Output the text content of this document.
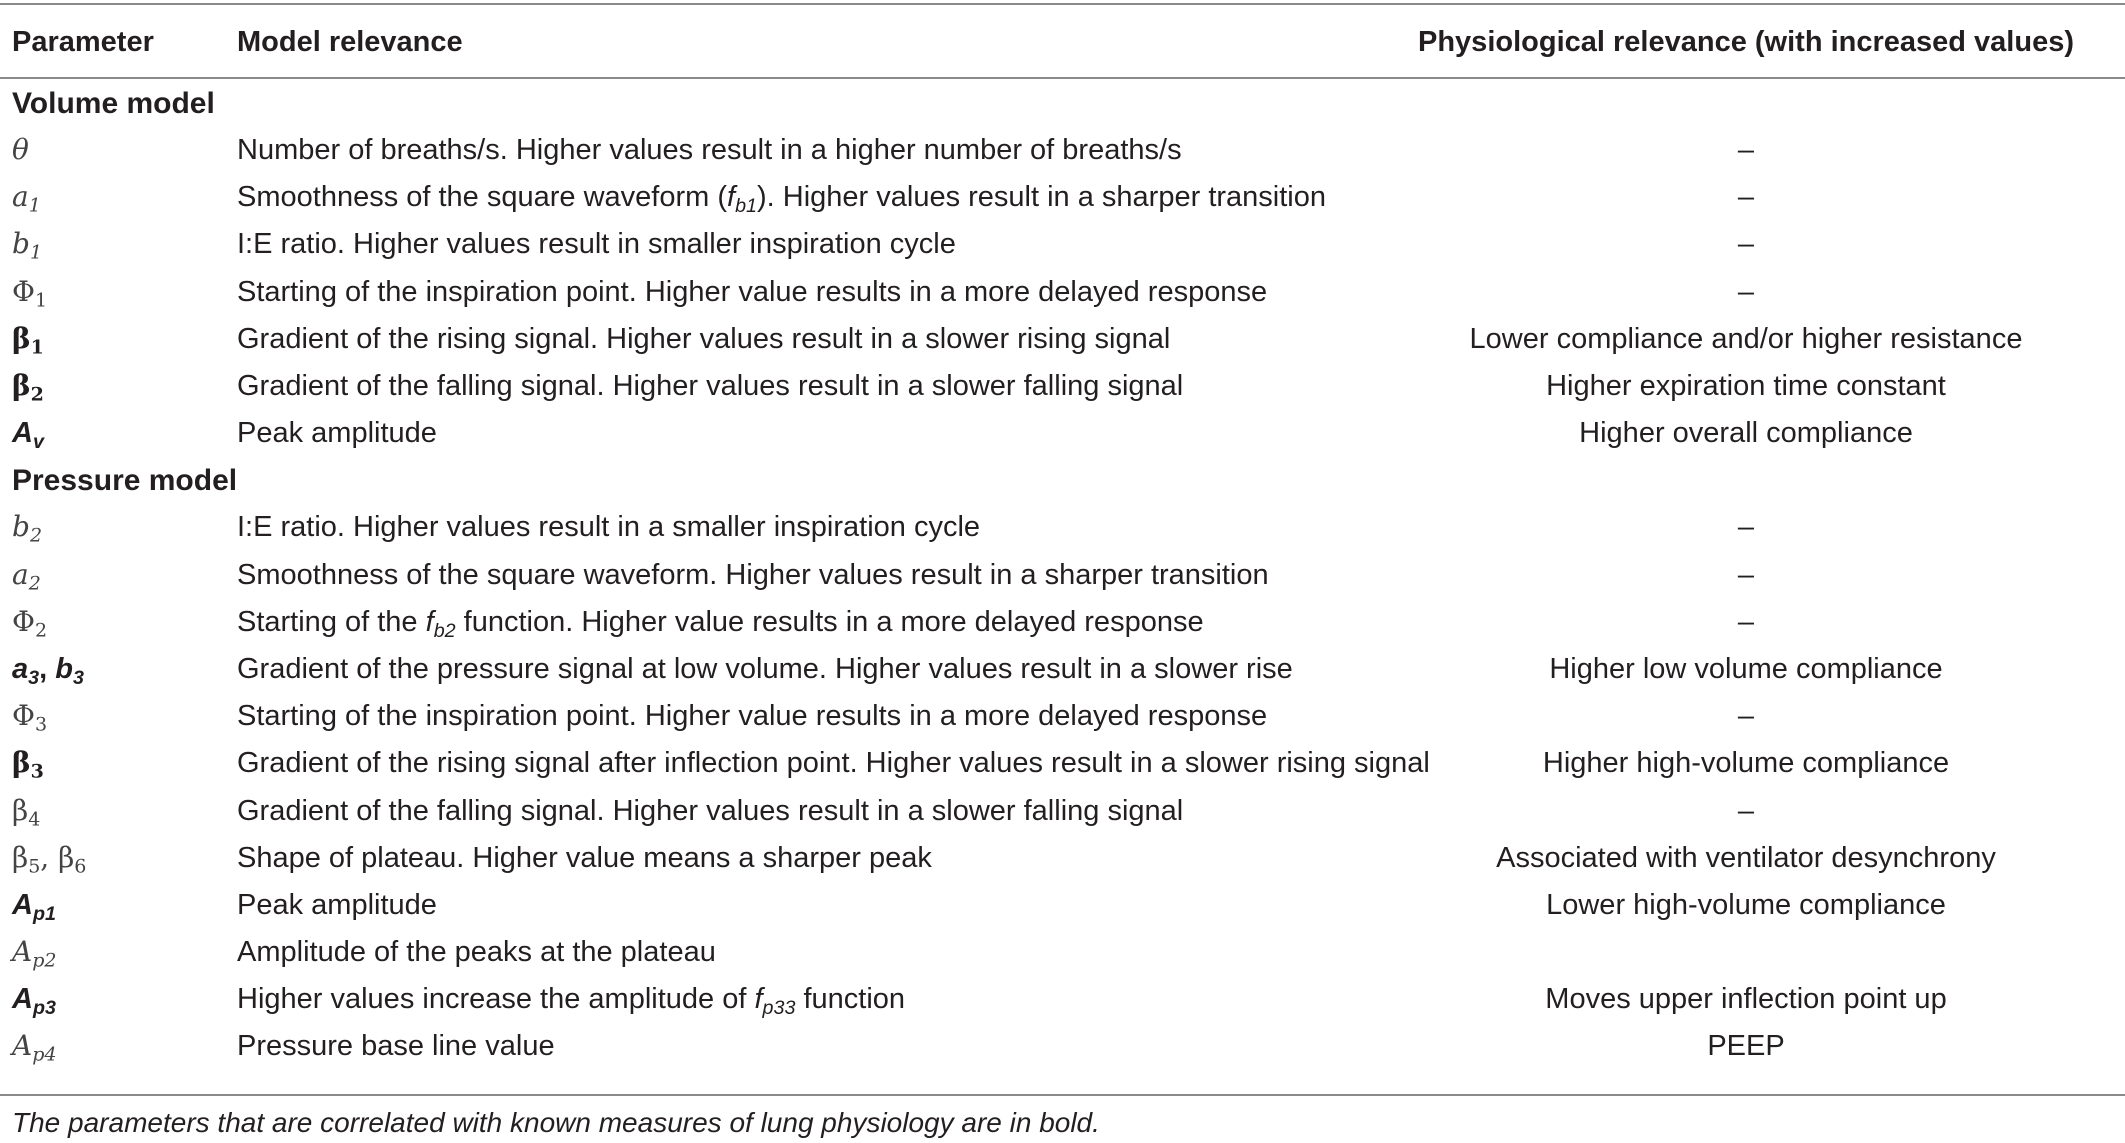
Parameter	Model relevance	Physiological relevance (with increased values)
Volume model		
θ	Number of breaths/s. Higher values result in a higher number of breaths/s	–
$a_1$	Smoothness of the square waveform $(f_{b1})$. Higher values result in a sharper transition	–
$b_1$	I:E ratio. Higher values result in smaller inspiration cycle	–
$\Phi_1$	Starting of the inspiration point. Higher value results in a more delayed response	–
$\beta_1$	Gradient of the rising signal. Higher values result in a slower rising signal	Lower compliance and/or higher resistance
$\beta_2$	Gradient of the falling signal. Higher values result in a slower falling signal	Higher expiration time constant
$A_v$	Peak amplitude	Higher overall compliance
Pressure model		
$b_2$	I:E ratio. Higher values result in a smaller inspiration cycle	–
$a_2$	Smoothness of the square waveform. Higher values result in a sharper transition	–
$\Phi_2$	Starting of the $f_{b2}$ function. Higher value results in a more delayed response	–
$a_3$, $b_3$	Gradient of the pressure signal at low volume. Higher values result in a slower rise	Higher low volume compliance
$\Phi_3$	Starting of the inspiration point. Higher value results in a more delayed response	–
$\beta_3$	Gradient of the rising signal after inflection point. Higher values result in a slower rising signal	Higher high-volume compliance
$\beta_4$	Gradient of the falling signal. Higher values result in a slower falling signal	–
$\beta_5$, $\beta_6$	Shape of plateau. Higher value means a sharper peak	Associated with ventilator desynchrony
$A_{p1}$	Peak amplitude	Lower high-volume compliance
$A_{p2}$	Amplitude of the peaks at the plateau	
$A_{p3}$	Higher values increase the amplitude of $f_{p33}$ function	Moves upper inflection point up
$A_{p4}$	Pressure base line value	PEEP
The parameters that are correlated with known measures of lung physiology are in bold.
